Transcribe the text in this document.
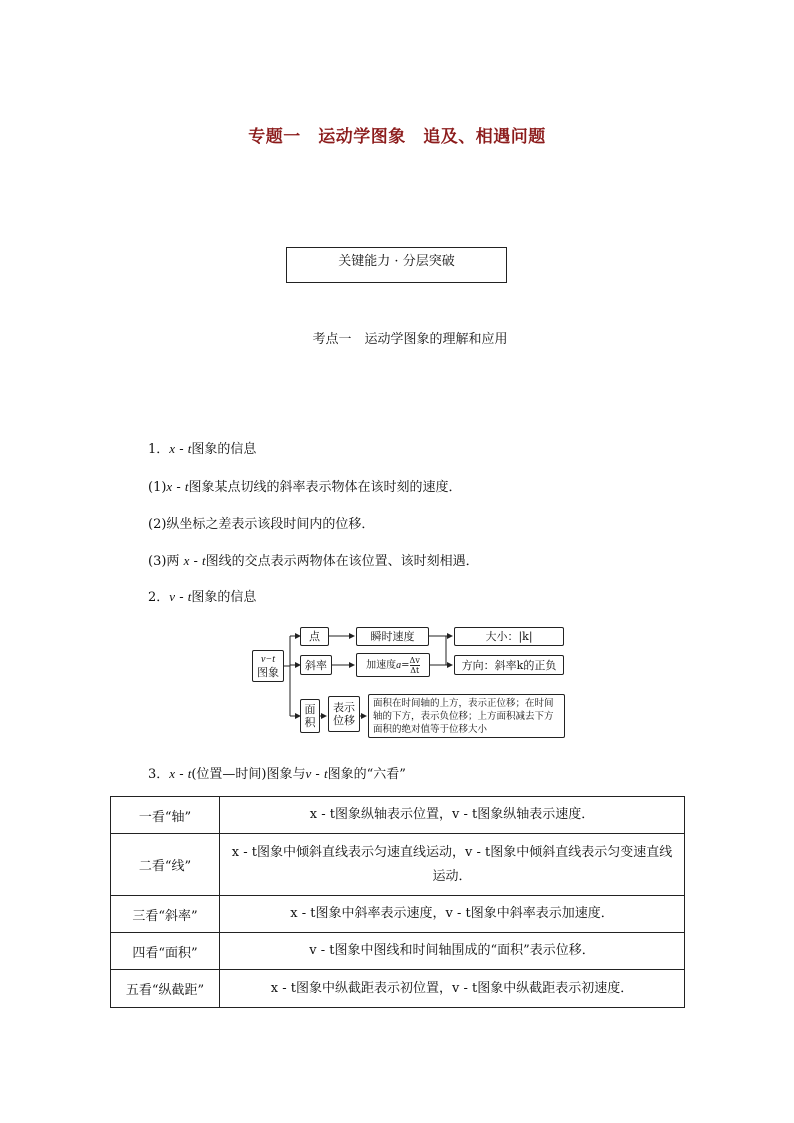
专题一　运动学图象　追及、相遇问题
关键能力 · 分层突破
考点一　运动学图象的理解和应用
1．x - t图象的信息
(1)x - t图象某点切线的斜率表示物体在该时刻的速度．
(2)纵坐标之差表示该段时间内的位移．
(3)两 x - t图线的交点表示两物体在该位置、该时刻相遇．
2．v - t图象的信息
v−t
图象
点	瞬时速度
斜率	加速度 $a = \frac{\Delta v}{\Delta t}$
大小：|k|
方向：斜率k的正负
面
积
表示
位移
面积在时间轴的上方，表示正位移；在时间轴的下方，表示负位移；上方面积减去下方面积的绝对值等于位移大小
3．x - t(位置—时间)图象与v - t图象的“六看”
一看“轴”	x - t图象纵轴表示位置，v - t图象纵轴表示速度．
二看“线”	x - t图象中倾斜直线表示匀速直线运动，v - t图象中倾斜直线表示匀变速直线运动．
三看“斜率”	x - t图象中斜率表示速度，v - t图象中斜率表示加速度．
四看“面积”	v - t图象中图线和时间轴围成的“面积”表示位移．
五看“纵截距”	x - t图象中纵截距表示初位置，v - t图象中纵截距表示初速度．
